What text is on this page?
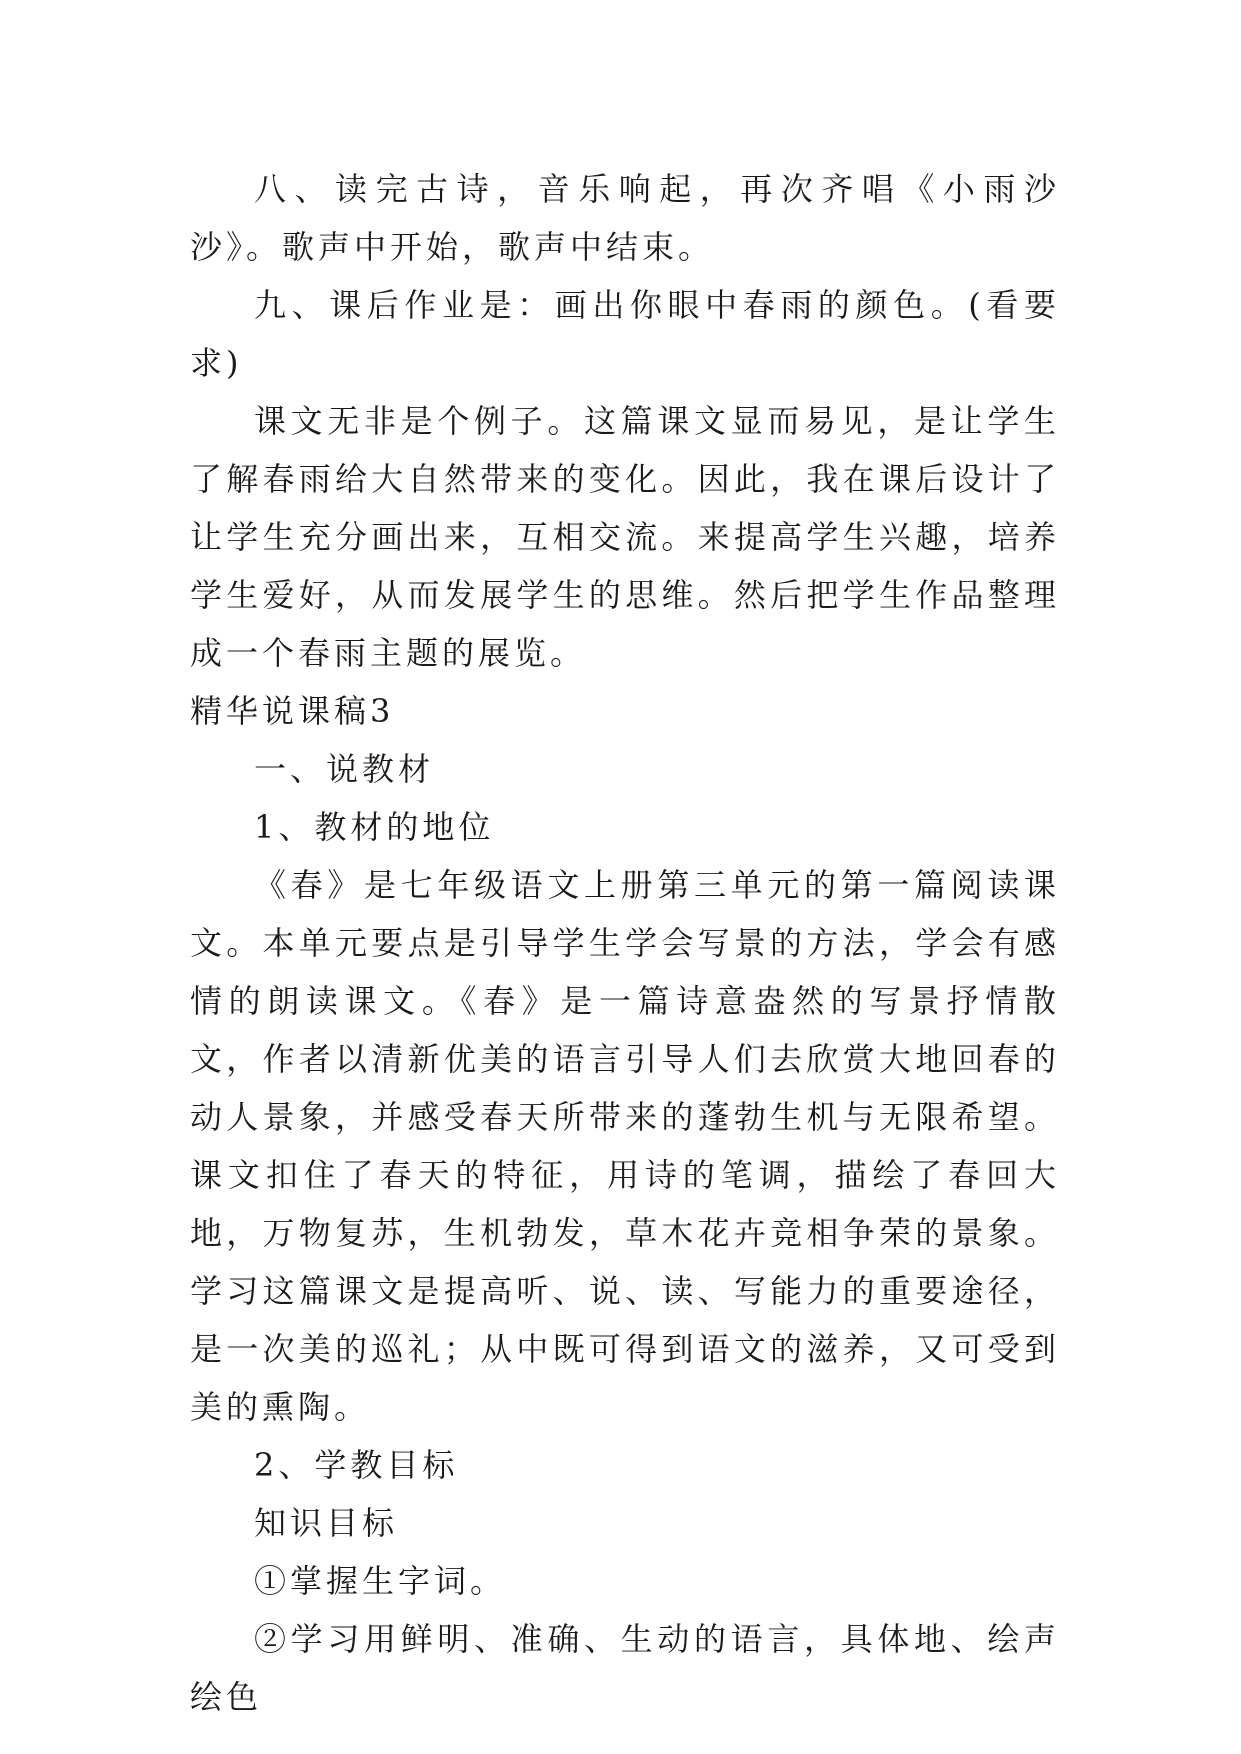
八、读完古诗，音乐响起，再次齐唱《小雨沙沙》。歌声中开始，歌声中结束。

九、课后作业是：画出你眼中春雨的颜色。(看要求)

课文无非是个例子。这篇课文显而易见，是让学生了解春雨给大自然带来的变化。因此，我在课后设计了让学生充分画出来，互相交流。来提高学生兴趣，培养学生爱好，从而发展学生的思维。然后把学生作品整理成一个春雨主题的展览。

精华说课稿3

一、说教材

1、教材的地位

《春》是七年级语文上册第三单元的第一篇阅读课文。本单元要点是引导学生学会写景的方法，学会有感情的朗读课文。《春》是一篇诗意盎然的写景抒情散文，作者以清新优美的语言引导人们去欣赏大地回春的动人景象，并感受春天所带来的蓬勃生机与无限希望。课文扣住了春天的特征，用诗的笔调，描绘了春回大地，万物复苏，生机勃发，草木花卉竞相争荣的景象。学习这篇课文是提高听、说、读、写能力的重要途径，是一次美的巡礼；从中既可得到语文的滋养，又可受到美的熏陶。

2、学教目标

知识目标

①掌握生字词。

②学习用鲜明、准确、生动的语言，具体地、绘声绘色
